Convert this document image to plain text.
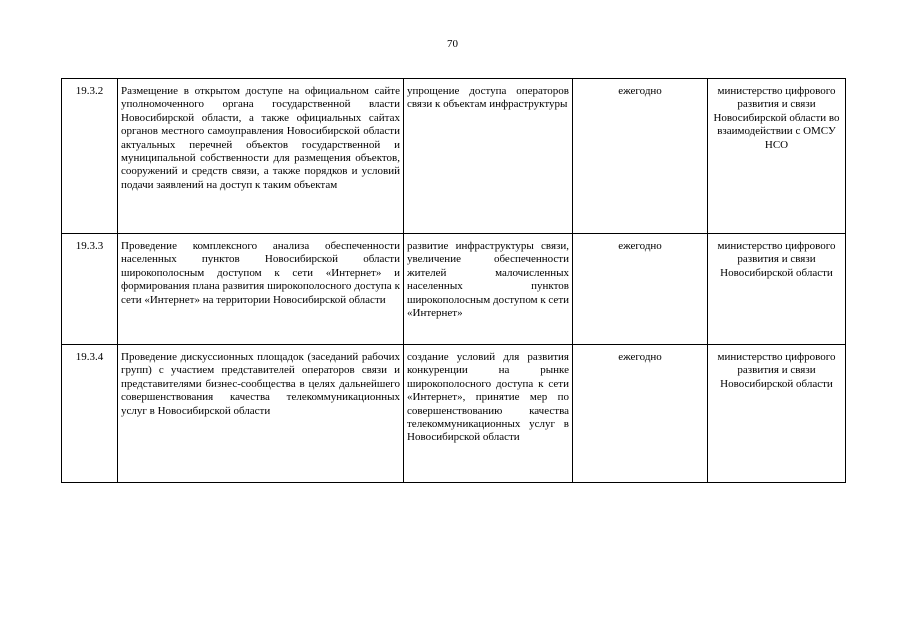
70
19.3.2	Размещение в открытом доступе на официальном сайте уполномоченного органа государственной власти Новосибирской области, а также официальных сайтах органов местного самоуправления Новосибирской области актуальных перечней объектов государственной и муниципальной собственности для размещения объектов, сооружений и средств связи, а также порядков и условий подачи заявлений на доступ к таким объектам	упрощение доступа операторов связи к объектам инфраструктуры	ежегодно	министерство цифрового развития и связи Новосибирской области во взаимодействии с ОМСУ НСО
19.3.3	Проведение комплексного анализа обеспеченности населенных пунктов Новосибирской области широкополосным доступом к сети «Интернет» и формирования плана развития широкополосного доступа к сети «Интернет» на территории Новосибирской области	развитие инфраструктуры связи, увеличение обеспеченности жителей малочисленных населенных пунктов широкополосным доступом к сети «Интернет»	ежегодно	министерство цифрового развития и связи Новосибирской области
19.3.4	Проведение дискуссионных площадок (заседаний рабочих групп) с участием представителей операторов связи и представителями бизнес-сообщества в целях дальнейшего совершенствования качества телекоммуникационных услуг в Новосибирской области	создание условий для развития конкуренции на рынке широкополосного доступа к сети «Интернет», принятие мер по совершенствованию качества телекоммуникационных услуг в Новосибирской области	ежегодно	министерство цифрового развития и связи Новосибирской области
